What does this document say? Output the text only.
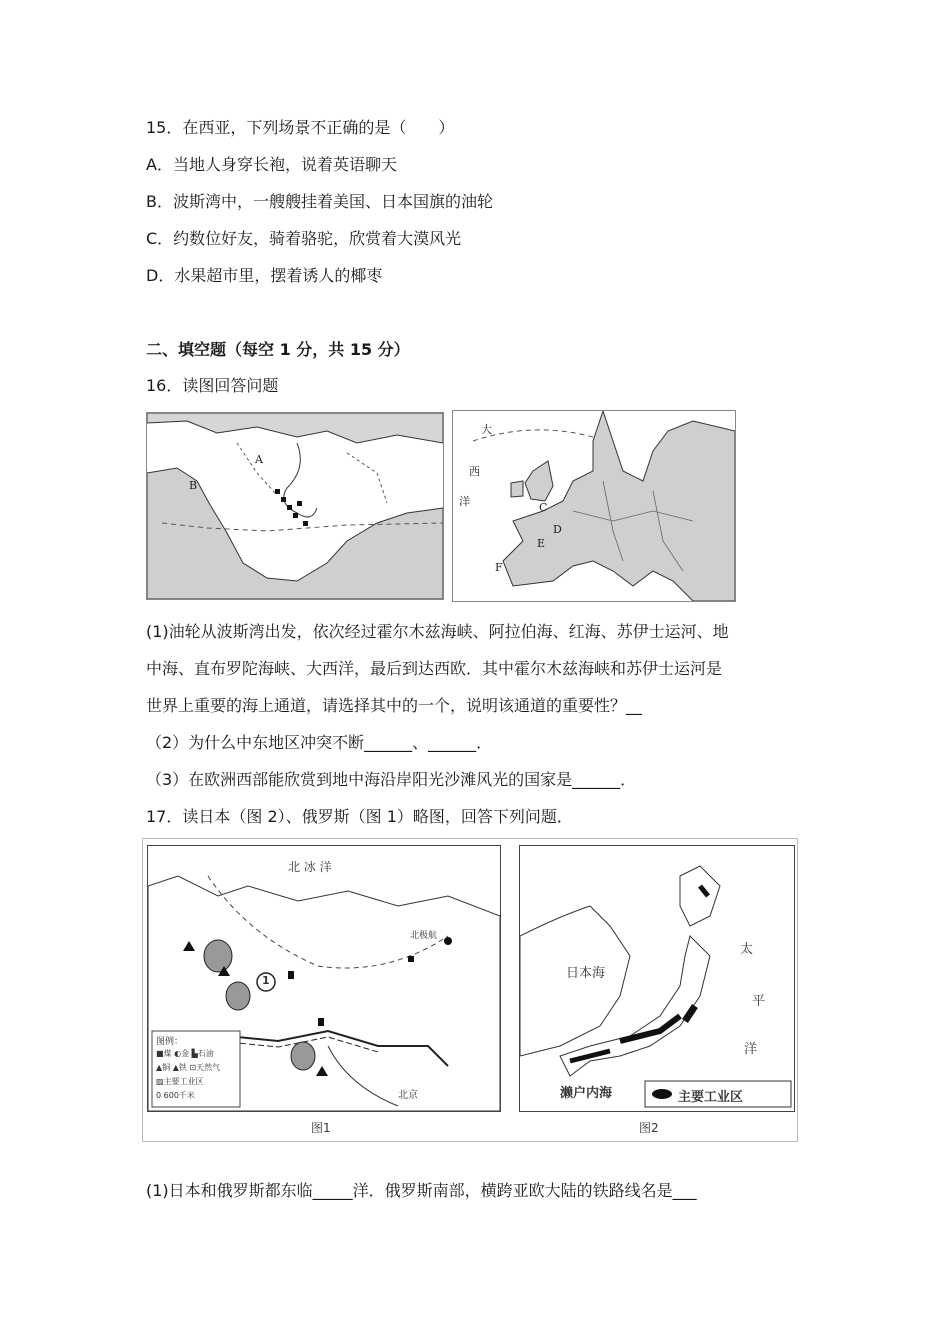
15．在西亚，下列场景不正确的是（　　）
A．当地人身穿长袍，说着英语聊天
B．波斯湾中，一艘艘挂着美国、日本国旗的油轮
C．约数位好友，骑着骆驼，欣赏着大漠风光
D．水果超市里，摆着诱人的椰枣
二、填空题（每空 1 分，共 15 分）
16．读图回答问题
B
A
大
西
洋	C
D
E
F
(1)油轮从波斯湾出发，依次经过霍尔木兹海峡、阿拉伯海、红海、苏伊士运河、地
中海、直布罗陀海峡、大西洋，最后到达西欧．其中霍尔木兹海峡和苏伊士运河是
世界上重要的海上通道，请选择其中的一个，说明该通道的重要性？__
（2）为什么中东地区冲突不断______、______．
（3）在欧洲西部能欣赏到地中海沿岸阳光沙滩风光的国家是______．
17．读日本（图 2）、俄罗斯（图 1）略图，回答下列问题．
北 冰 洋
北极航
北京
1
图例：
■煤 ◐金 ▙石油
▲铜 ▲铁 ⊡天然气
▨主要工业区
0 600千米
图1
日本海
太
平
洋
濑户内海	主要工业区
图2
(1)日本和俄罗斯都东临_____洋．俄罗斯南部，横跨亚欧大陆的铁路线名是___
